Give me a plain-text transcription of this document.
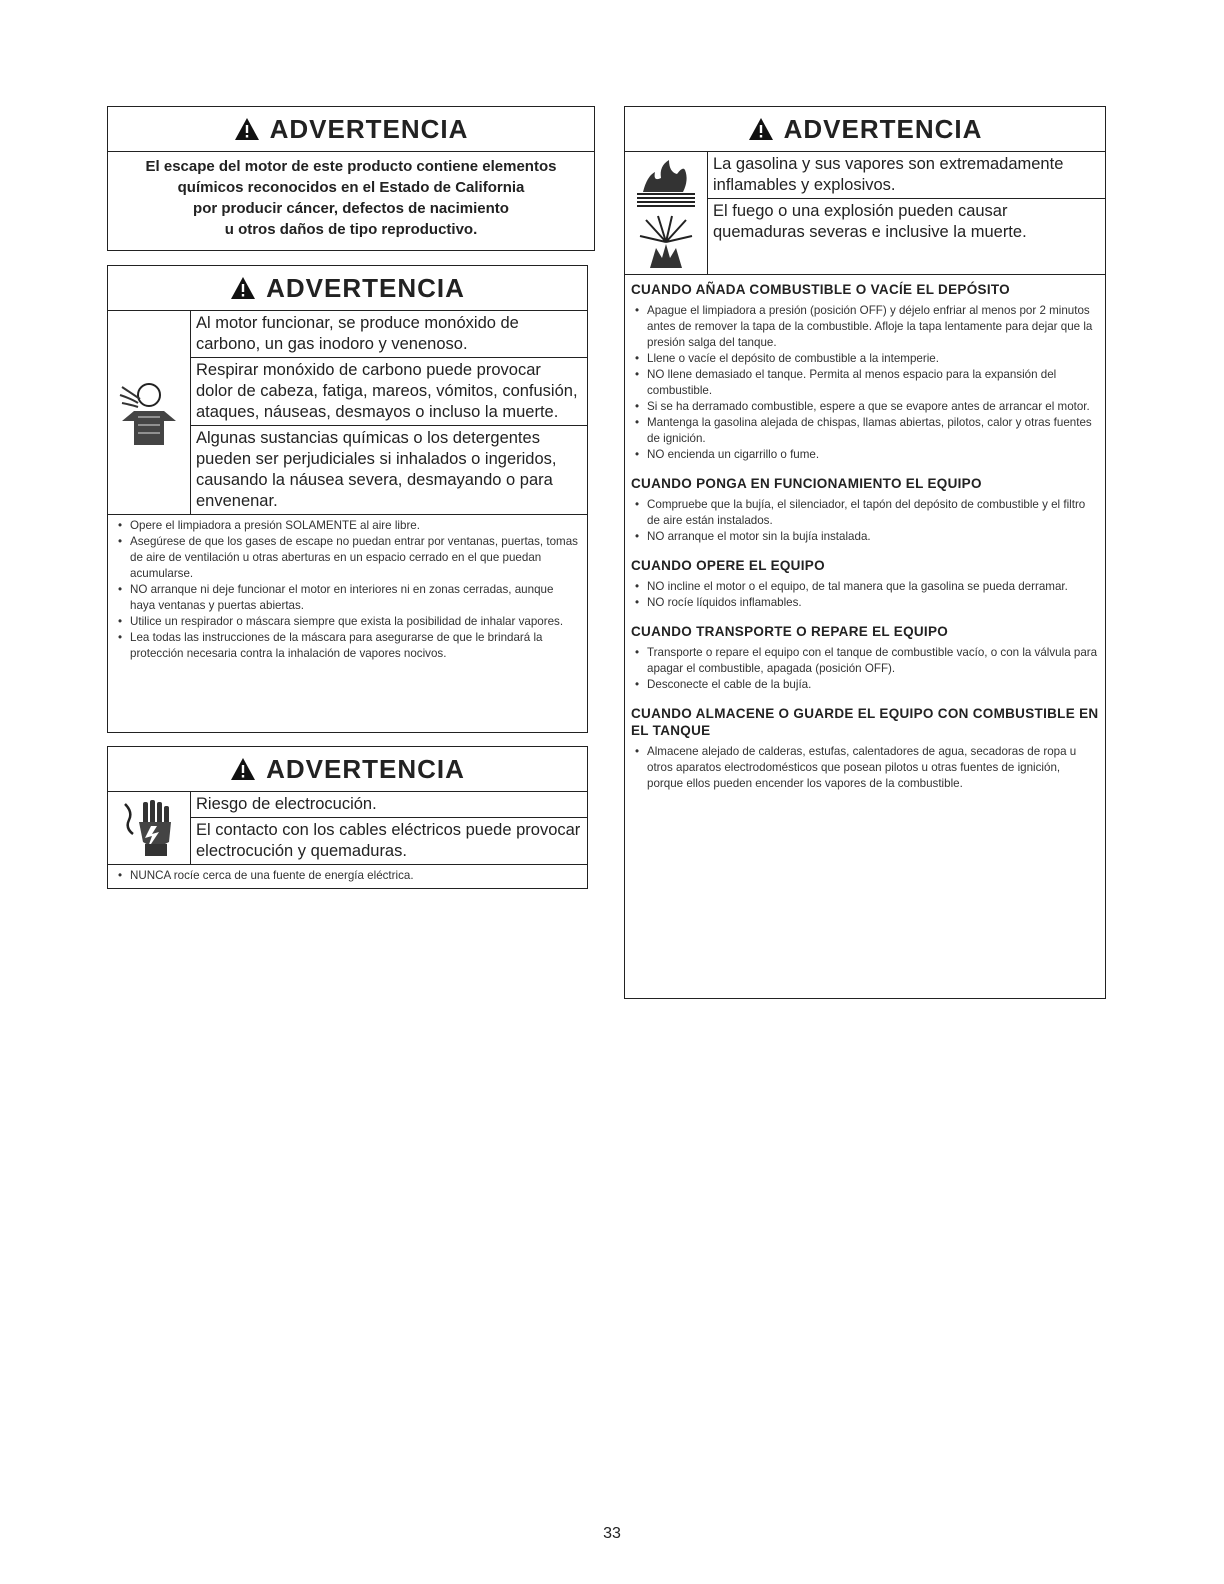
ADVERTENCIA
El escape del motor de este producto contiene elementos
químicos reconocidos en el Estado de California
por producir cáncer, defectos de nacimiento
u otros daños de tipo reproductivo.
ADVERTENCIA

Al motor funcionar, se produce monóxido de carbono, un gas inodoro y venenoso.

Respirar monóxido de carbono puede provocar dolor de cabeza, fatiga, mareos, vómitos, confusión, ataques, náuseas, desmayos o incluso la muerte.

Algunas sustancias químicas o los detergentes pueden ser perjudiciales si inhalados o ingeridos, causando la náusea severa, desmayando o para envenenar.

• Opere el limpiadora a presión SOLAMENTE al aire libre.
• Asegúrese de que los gases de escape no puedan entrar por ventanas, puertas, tomas de aire de ventilación u otras aberturas en un espacio cerrado en el que puedan acumularse.
• NO arranque ni deje funcionar el motor en interiores ni en zonas cerradas, aunque haya ventanas y puertas abiertas.
• Utilice un respirador o máscara siempre que exista la posibilidad de inhalar vapores.
• Lea todas las instrucciones de la máscara para asegurarse de que le brindará la protección necesaria contra la inhalación de vapores nocivos.
ADVERTENCIA

Riesgo de electrocución.

El contacto con los cables eléctricos puede provocar electrocución y quemaduras.

• NUNCA rocíe cerca de una fuente de energía eléctrica.
ADVERTENCIA

La gasolina y sus vapores son extremadamente inflamables y explosivos.

El fuego o una explosión pueden causar quemaduras severas e inclusive la muerte.

CUANDO AÑADA COMBUSTIBLE O VACÍE EL DEPÓSITO
• Apague el limpiadora a presión (posición OFF) y déjelo enfriar al menos por 2 minutos antes de remover la tapa de la combustible. Afloje la tapa lentamente para dejar que la presión salga del tanque.
• Llene o vacíe el depósito de combustible a la intemperie.
• NO llene demasiado el tanque. Permita al menos espacio para la expansión del combustible.
• Si se ha derramado combustible, espere a que se evapore antes de arrancar el motor.
• Mantenga la gasolina alejada de chispas, llamas abiertas, pilotos, calor y otras fuentes de ignición.
• NO encienda un cigarrillo o fume.
CUANDO PONGA EN FUNCIONAMIENTO EL EQUIPO
• Compruebe que la bujía, el silenciador, el tapón del depósito de combustible y el filtro de aire están instalados.
• NO arranque el motor sin la bujía instalada.
CUANDO OPERE EL EQUIPO
• NO incline el motor o el equipo, de tal manera que la gasolina se pueda derramar.
• NO rocíe líquidos inflamables.
CUANDO TRANSPORTE O REPARE EL EQUIPO
• Transporte o repare el equipo con el tanque de combustible vacío, o con la válvula para apagar el combustible, apagada (posición OFF).
• Desconecte el cable de la bujía.
CUANDO ALMACENE O GUARDE EL EQUIPO CON COMBUSTIBLE EN EL TANQUE
• Almacene alejado de calderas, estufas, calentadores de agua, secadoras de ropa u otros aparatos electrodomésticos que posean pilotos u otras fuentes de ignición, porque ellos pueden encender los vapores de la combustible.
33
